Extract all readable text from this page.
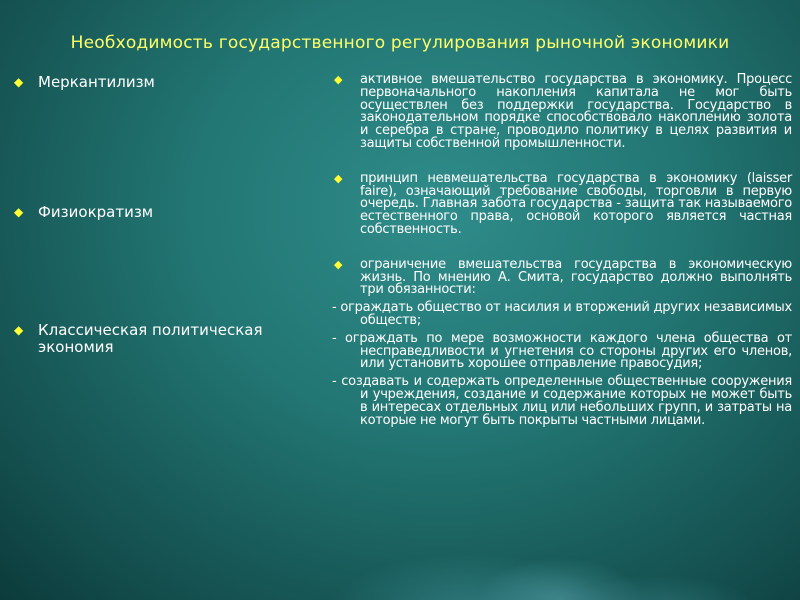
Необходимость государственного регулирования рыночной экономики
◆ Меркантилизм
◆ Физиократизм
◆ Классическая политическая экономия

◆ активное вмешательство государства в экономику. Процесс первоначального накопления капитала не мог быть осуществлен без поддержки государства. Государство в законодательном порядке способствовало накоплению золота и серебра в стране, проводило политику в целях развития и защиты собственной промышленности.

◆ принцип невмешательства государства в экономику (laisser faire), означающий требование свободы, торговли в первую очередь. Главная забота государства - защита так называемого естественного права, основой которого является частная собственность.

◆ ограничение вмешательства государства в экономическую жизнь. По мнению А. Смита, государство должно выполнять три обязанности:

- ограждать общество от насилия и вторжений других независимых обществ;

- ограждать по мере возможности каждого члена общества от несправедливости и угнетения со стороны других его членов, или установить хорошее отправление правосудия;

- создавать и содержать определенные общественные сооружения и учреждения, создание и содержание которых не может быть в интересах отдельных лиц или небольших групп, и затраты на которые не могут быть покрыты частными лицами.
